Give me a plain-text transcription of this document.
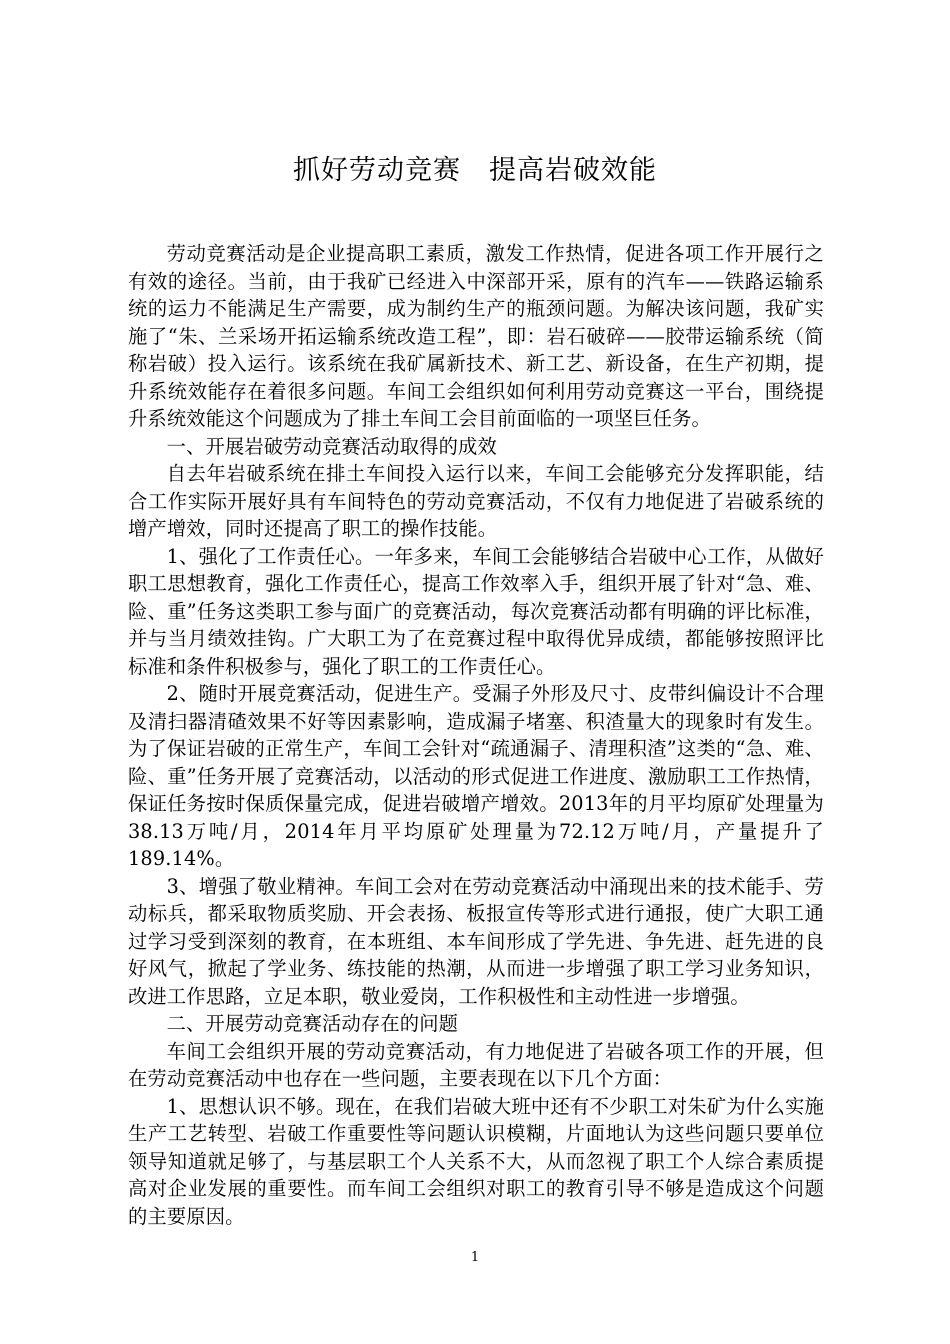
抓好劳动竞赛　提高岩破效能

劳动竞赛活动是企业提高职工素质，激发工作热情，促进各项工作开展行之有效的途径。当前，由于我矿已经进入中深部开采，原有的汽车——铁路运输系统的运力不能满足生产需要，成为制约生产的瓶颈问题。为解决该问题，我矿实施了“朱、兰采场开拓运输系统改造工程”，即：岩石破碎——胶带运输系统（简称岩破）投入运行。该系统在我矿属新技术、新工艺、新设备，在生产初期，提升系统效能存在着很多问题。车间工会组织如何利用劳动竞赛这一平台，围绕提升系统效能这个问题成为了排土车间工会目前面临的一项坚巨任务。

一、开展岩破劳动竞赛活动取得的成效

自去年岩破系统在排土车间投入运行以来，车间工会能够充分发挥职能，结合工作实际开展好具有车间特色的劳动竞赛活动，不仅有力地促进了岩破系统的增产增效，同时还提高了职工的操作技能。

1、强化了工作责任心。一年多来，车间工会能够结合岩破中心工作，从做好职工思想教育，强化工作责任心，提高工作效率入手，组织开展了针对“急、难、险、重”任务这类职工参与面广的竞赛活动，每次竞赛活动都有明确的评比标准，并与当月绩效挂钩。广大职工为了在竞赛过程中取得优异成绩，都能够按照评比标准和条件积极参与，强化了职工的工作责任心。

2、随时开展竞赛活动，促进生产。受漏子外形及尺寸、皮带纠偏设计不合理及清扫器清碴效果不好等因素影响，造成漏子堵塞、积渣量大的现象时有发生。为了保证岩破的正常生产，车间工会针对“疏通漏子、清理积渣”这类的“急、难、险、重”任务开展了竞赛活动，以活动的形式促进工作进度、激励职工工作热情，保证任务按时保质保量完成，促进岩破增产增效。2013年的月平均原矿处理量为38.13万吨/月，2014年月平均原矿处理量为72.12万吨/月，产量提升了189.14%。

3、增强了敬业精神。车间工会对在劳动竞赛活动中涌现出来的技术能手、劳动标兵，都采取物质奖励、开会表扬、板报宣传等形式进行通报，使广大职工通过学习受到深刻的教育，在本班组、本车间形成了学先进、争先进、赶先进的良好风气，掀起了学业务、练技能的热潮，从而进一步增强了职工学习业务知识，改进工作思路，立足本职，敬业爱岗，工作积极性和主动性进一步增强。

二、开展劳动竞赛活动存在的问题

车间工会组织开展的劳动竞赛活动，有力地促进了岩破各项工作的开展，但在劳动竞赛活动中也存在一些问题，主要表现在以下几个方面：

1、思想认识不够。现在，在我们岩破大班中还有不少职工对朱矿为什么实施生产工艺转型、岩破工作重要性等问题认识模糊，片面地认为这些问题只要单位领导知道就足够了，与基层职工个人关系不大，从而忽视了职工个人综合素质提高对企业发展的重要性。而车间工会组织对职工的教育引导不够是造成这个问题的主要原因。

1
